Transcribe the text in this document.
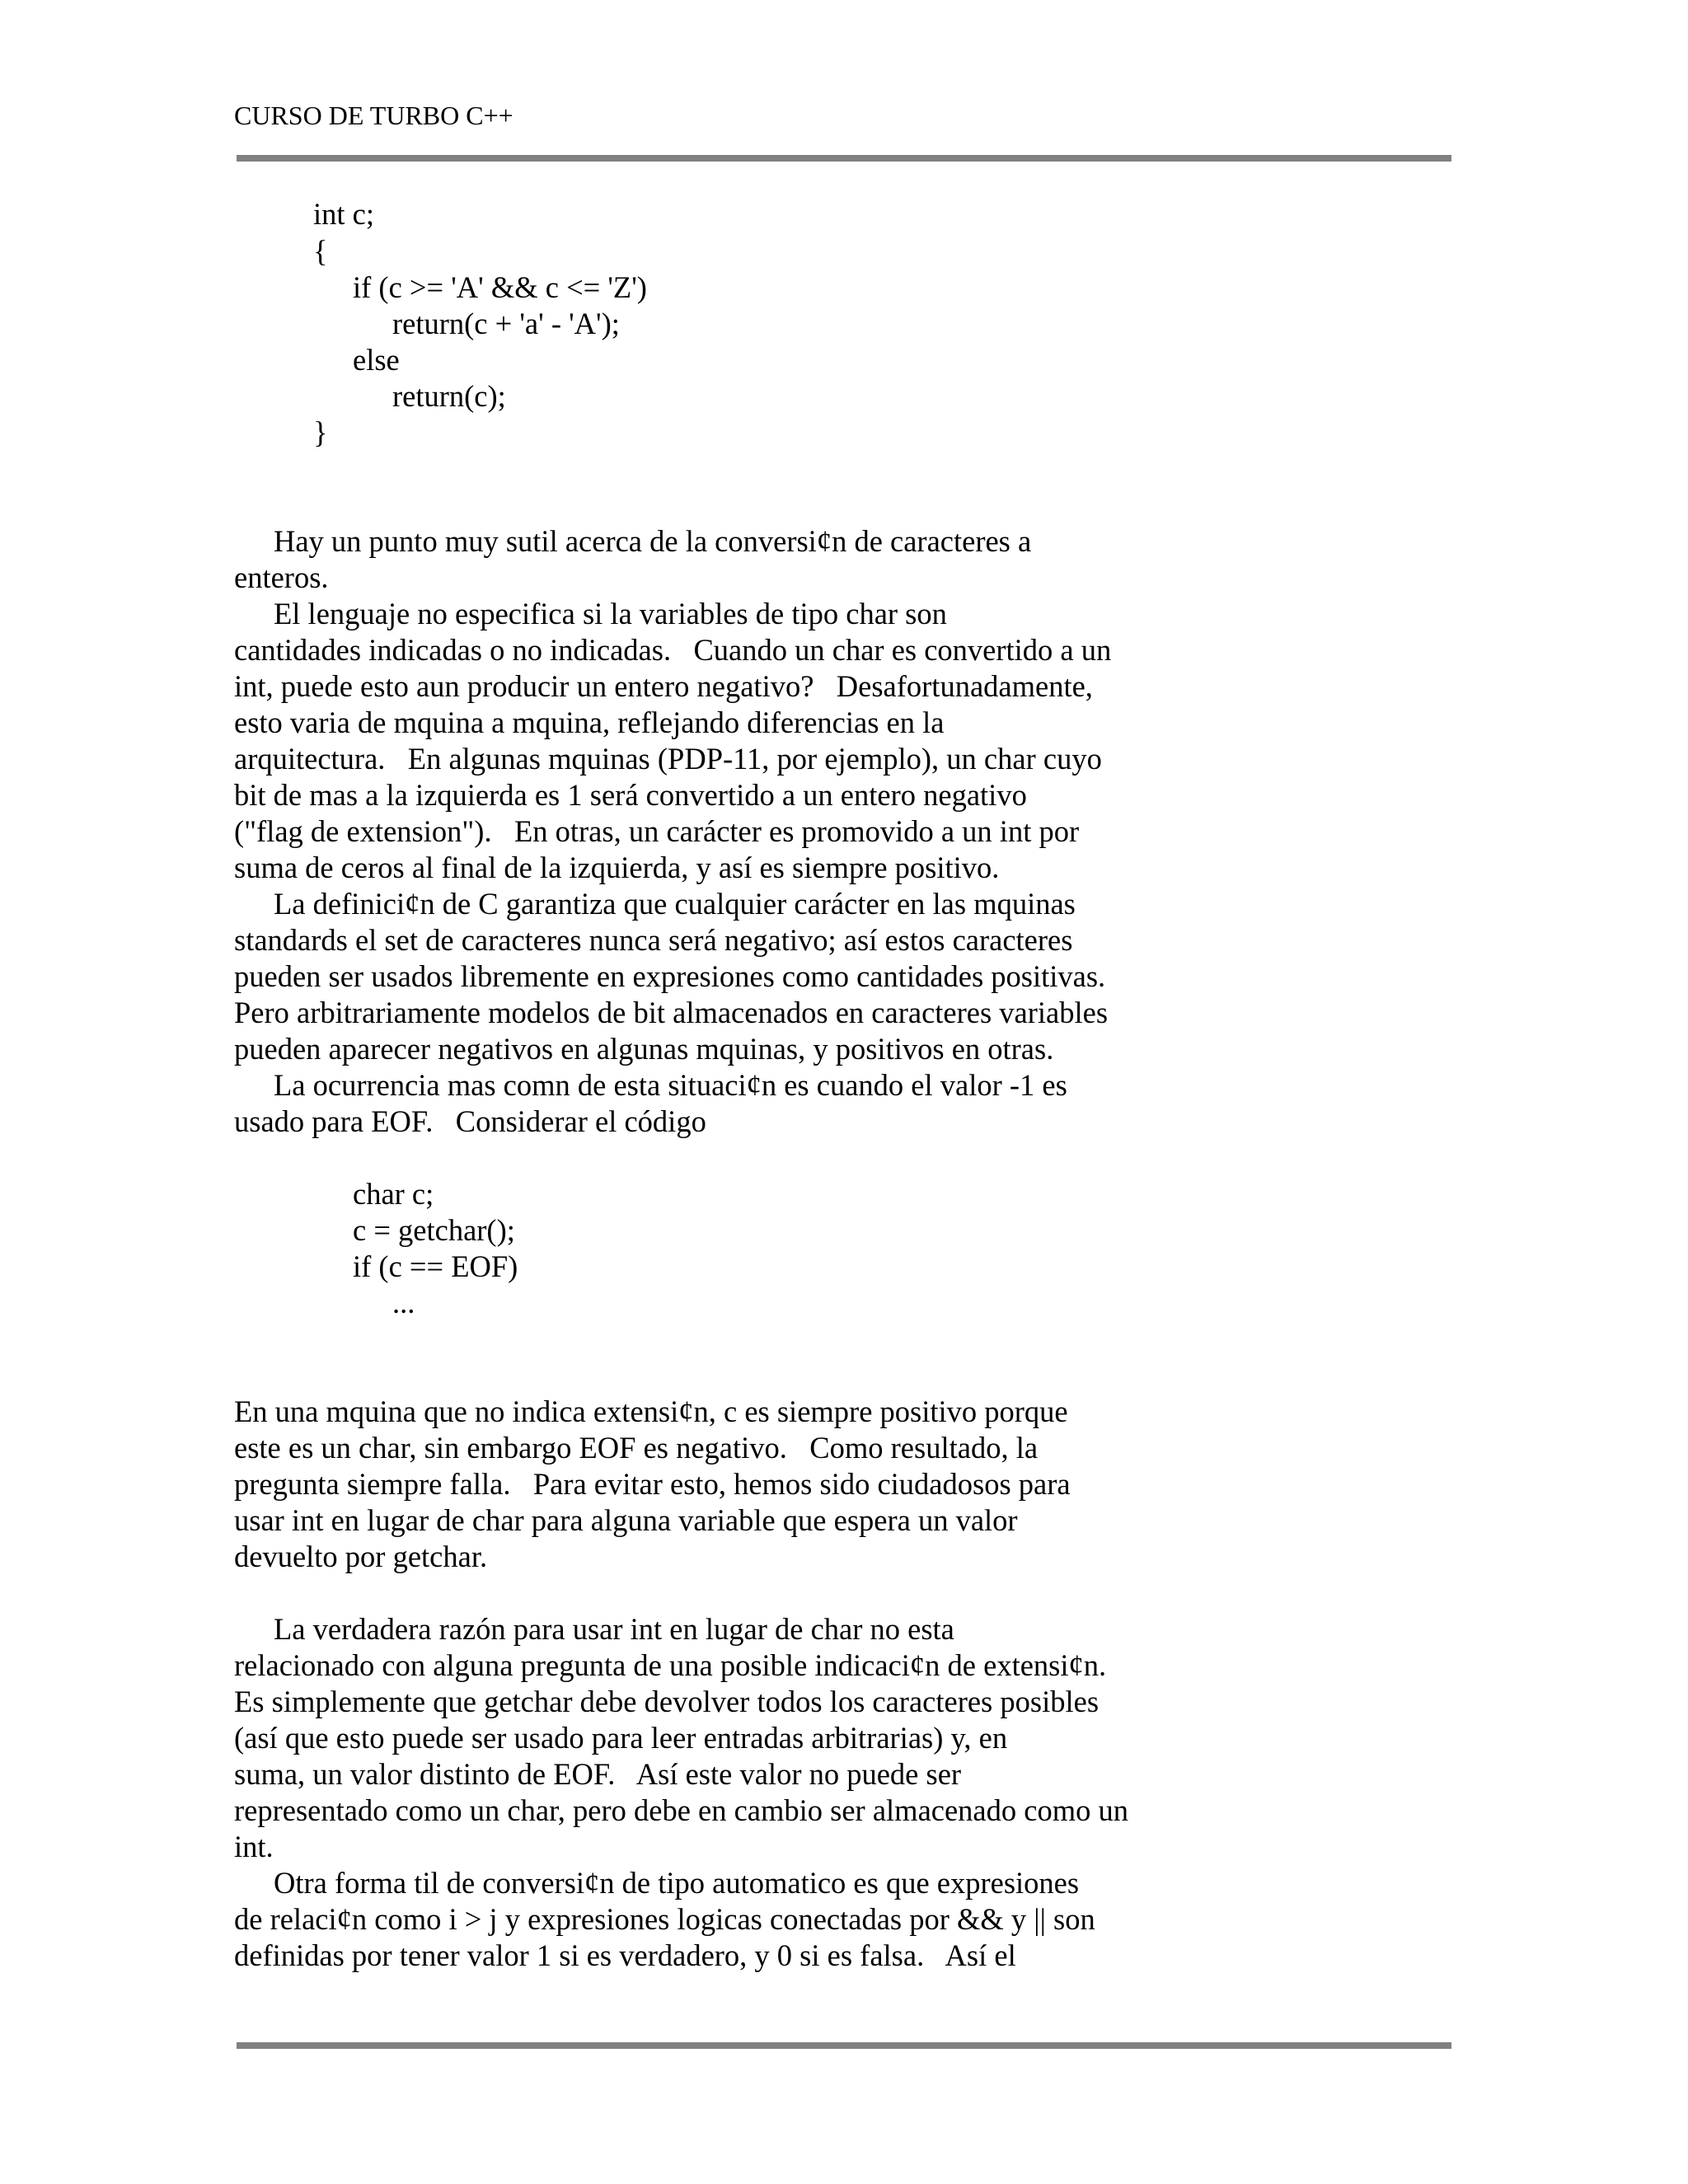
CURSO DE TURBO C++
int c;
{
if (c >= 'A' && c <= 'Z')
return(c + 'a' - 'A');
else
return(c);
}
Hay un punto muy sutil acerca de la conversi¢n de caracteres a
enteros.
El lenguaje no especifica si la variables de tipo char son
cantidades indicadas o no indicadas.   Cuando un char es convertido a un
int, puede esto aun producir un entero negativo?   Desafortunadamente,
esto varia de mquina a mquina, reflejando diferencias en la
arquitectura.   En algunas mquinas (PDP-11, por ejemplo), un char cuyo
bit de mas a la izquierda es 1 será convertido a un entero negativo
("flag de extension").   En otras, un carácter es promovido a un int por
suma de ceros al final de la izquierda, y así es siempre positivo.
La definici¢n de C garantiza que cualquier carácter en las mquinas
standards el set de caracteres nunca será negativo; así estos caracteres
pueden ser usados libremente en expresiones como cantidades positivas.
Pero arbitrariamente modelos de bit almacenados en caracteres variables
pueden aparecer negativos en algunas mquinas, y positivos en otras.
La ocurrencia mas comn de esta situaci¢n es cuando el valor -1 es
usado para EOF.   Considerar el código
char c;
c = getchar();
if (c == EOF)
...
En una mquina que no indica extensi¢n, c es siempre positivo porque
este es un char, sin embargo EOF es negativo.   Como resultado, la
pregunta siempre falla.   Para evitar esto, hemos sido ciudadosos para
usar int en lugar de char para alguna variable que espera un valor
devuelto por getchar.
La verdadera razón para usar int en lugar de char no esta
relacionado con alguna pregunta de una posible indicaci¢n de extensi¢n.
Es simplemente que getchar debe devolver todos los caracteres posibles
(así que esto puede ser usado para leer entradas arbitrarias) y, en
suma, un valor distinto de EOF.   Así este valor no puede ser
representado como un char, pero debe en cambio ser almacenado como un
int.
Otra forma til de conversi¢n de tipo automatico es que expresiones
de relaci¢n como i > j y expresiones logicas conectadas por && y || son
definidas por tener valor 1 si es verdadero, y 0 si es falsa.   Así el
